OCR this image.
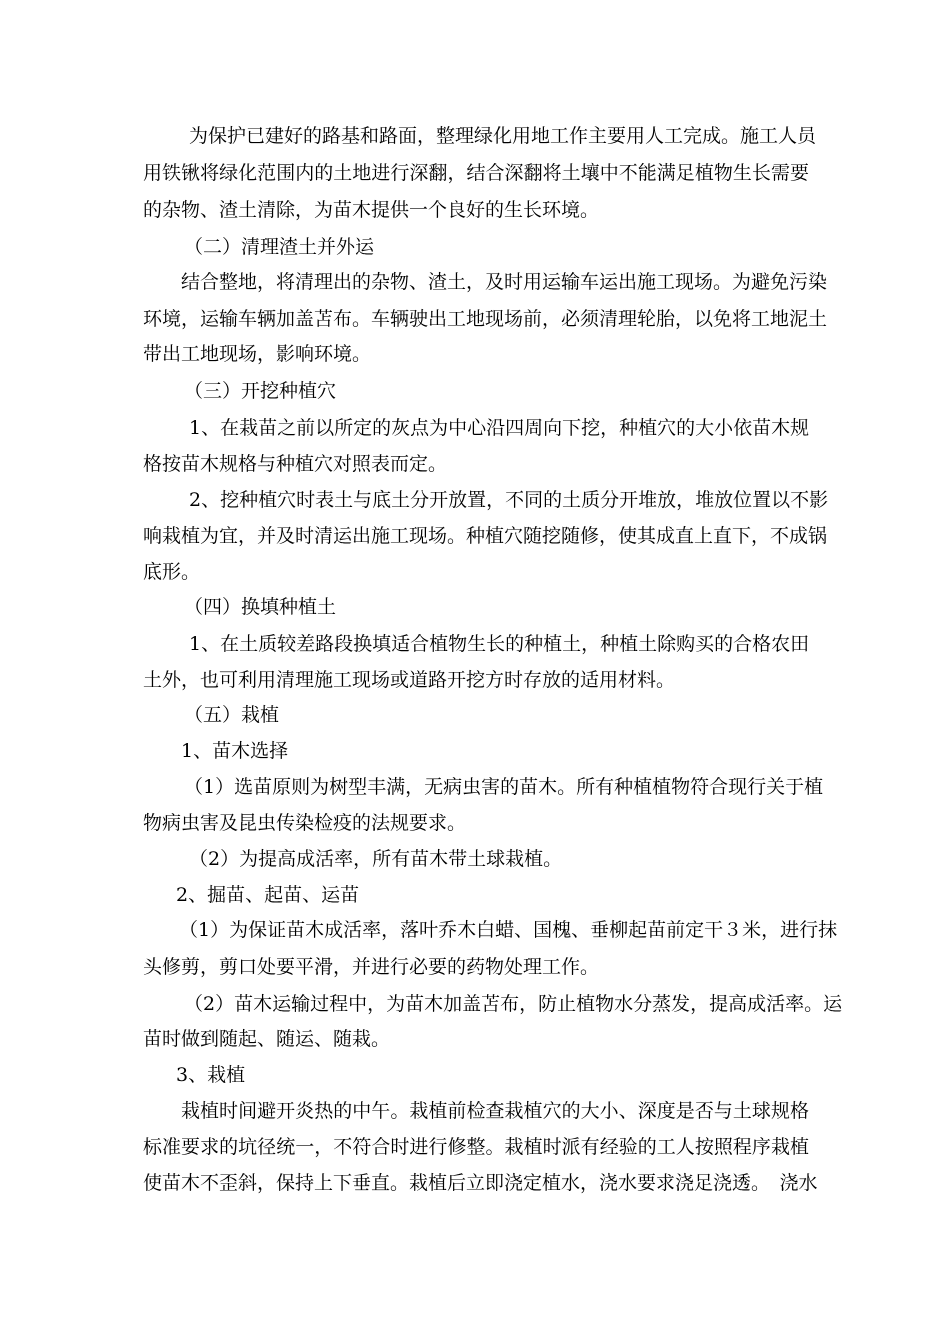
为保护已建好的路基和路面，整理绿化用地工作主要用人工完成。施工人员
用铁锹将绿化范围内的土地进行深翻，结合深翻将土壤中不能满足植物生长需要
的杂物、渣土清除，为苗木提供一个良好的生长环境。
（二）清理渣土并外运
结合整地，将清理出的杂物、渣土，及时用运输车运出施工现场。为避免污染
环境，运输车辆加盖苫布。车辆驶出工地现场前，必须清理轮胎，以免将工地泥土
带出工地现场，影响环境。
（三）开挖种植穴
1、在栽苗之前以所定的灰点为中心沿四周向下挖，种植穴的大小依苗木规
格按苗木规格与种植穴对照表而定。
2、挖种植穴时表土与底土分开放置，不同的土质分开堆放，堆放位置以不影
响栽植为宜，并及时清运出施工现场。种植穴随挖随修，使其成直上直下，不成锅
底形。
（四）换填种植土
1、在土质较差路段换填适合植物生长的种植土，种植土除购买的合格农田
土外，也可利用清理施工现场或道路开挖方时存放的适用材料。
（五）栽植
1、苗木选择
（1）选苗原则为树型丰满，无病虫害的苗木。所有种植植物符合现行关于植
物病虫害及昆虫传染检疫的法规要求。
（2）为提高成活率，所有苗木带土球栽植。
2、掘苗、起苗、运苗
（1）为保证苗木成活率，落叶乔木白蜡、国槐、垂柳起苗前定干３米，进行抹
头修剪，剪口处要平滑，并进行必要的药物处理工作。
（2）苗木运输过程中，为苗木加盖苫布，防止植物水分蒸发，提高成活率。运
苗时做到随起、随运、随栽。
3、栽植
栽植时间避开炎热的中午。栽植前检查栽植穴的大小、深度是否与土球规格
标准要求的坑径统一，不符合时进行修整。栽植时派有经验的工人按照程序栽植
使苗木不歪斜，保持上下垂直。栽植后立即浇定植水，浇水要求浇足浇透。　浇水
